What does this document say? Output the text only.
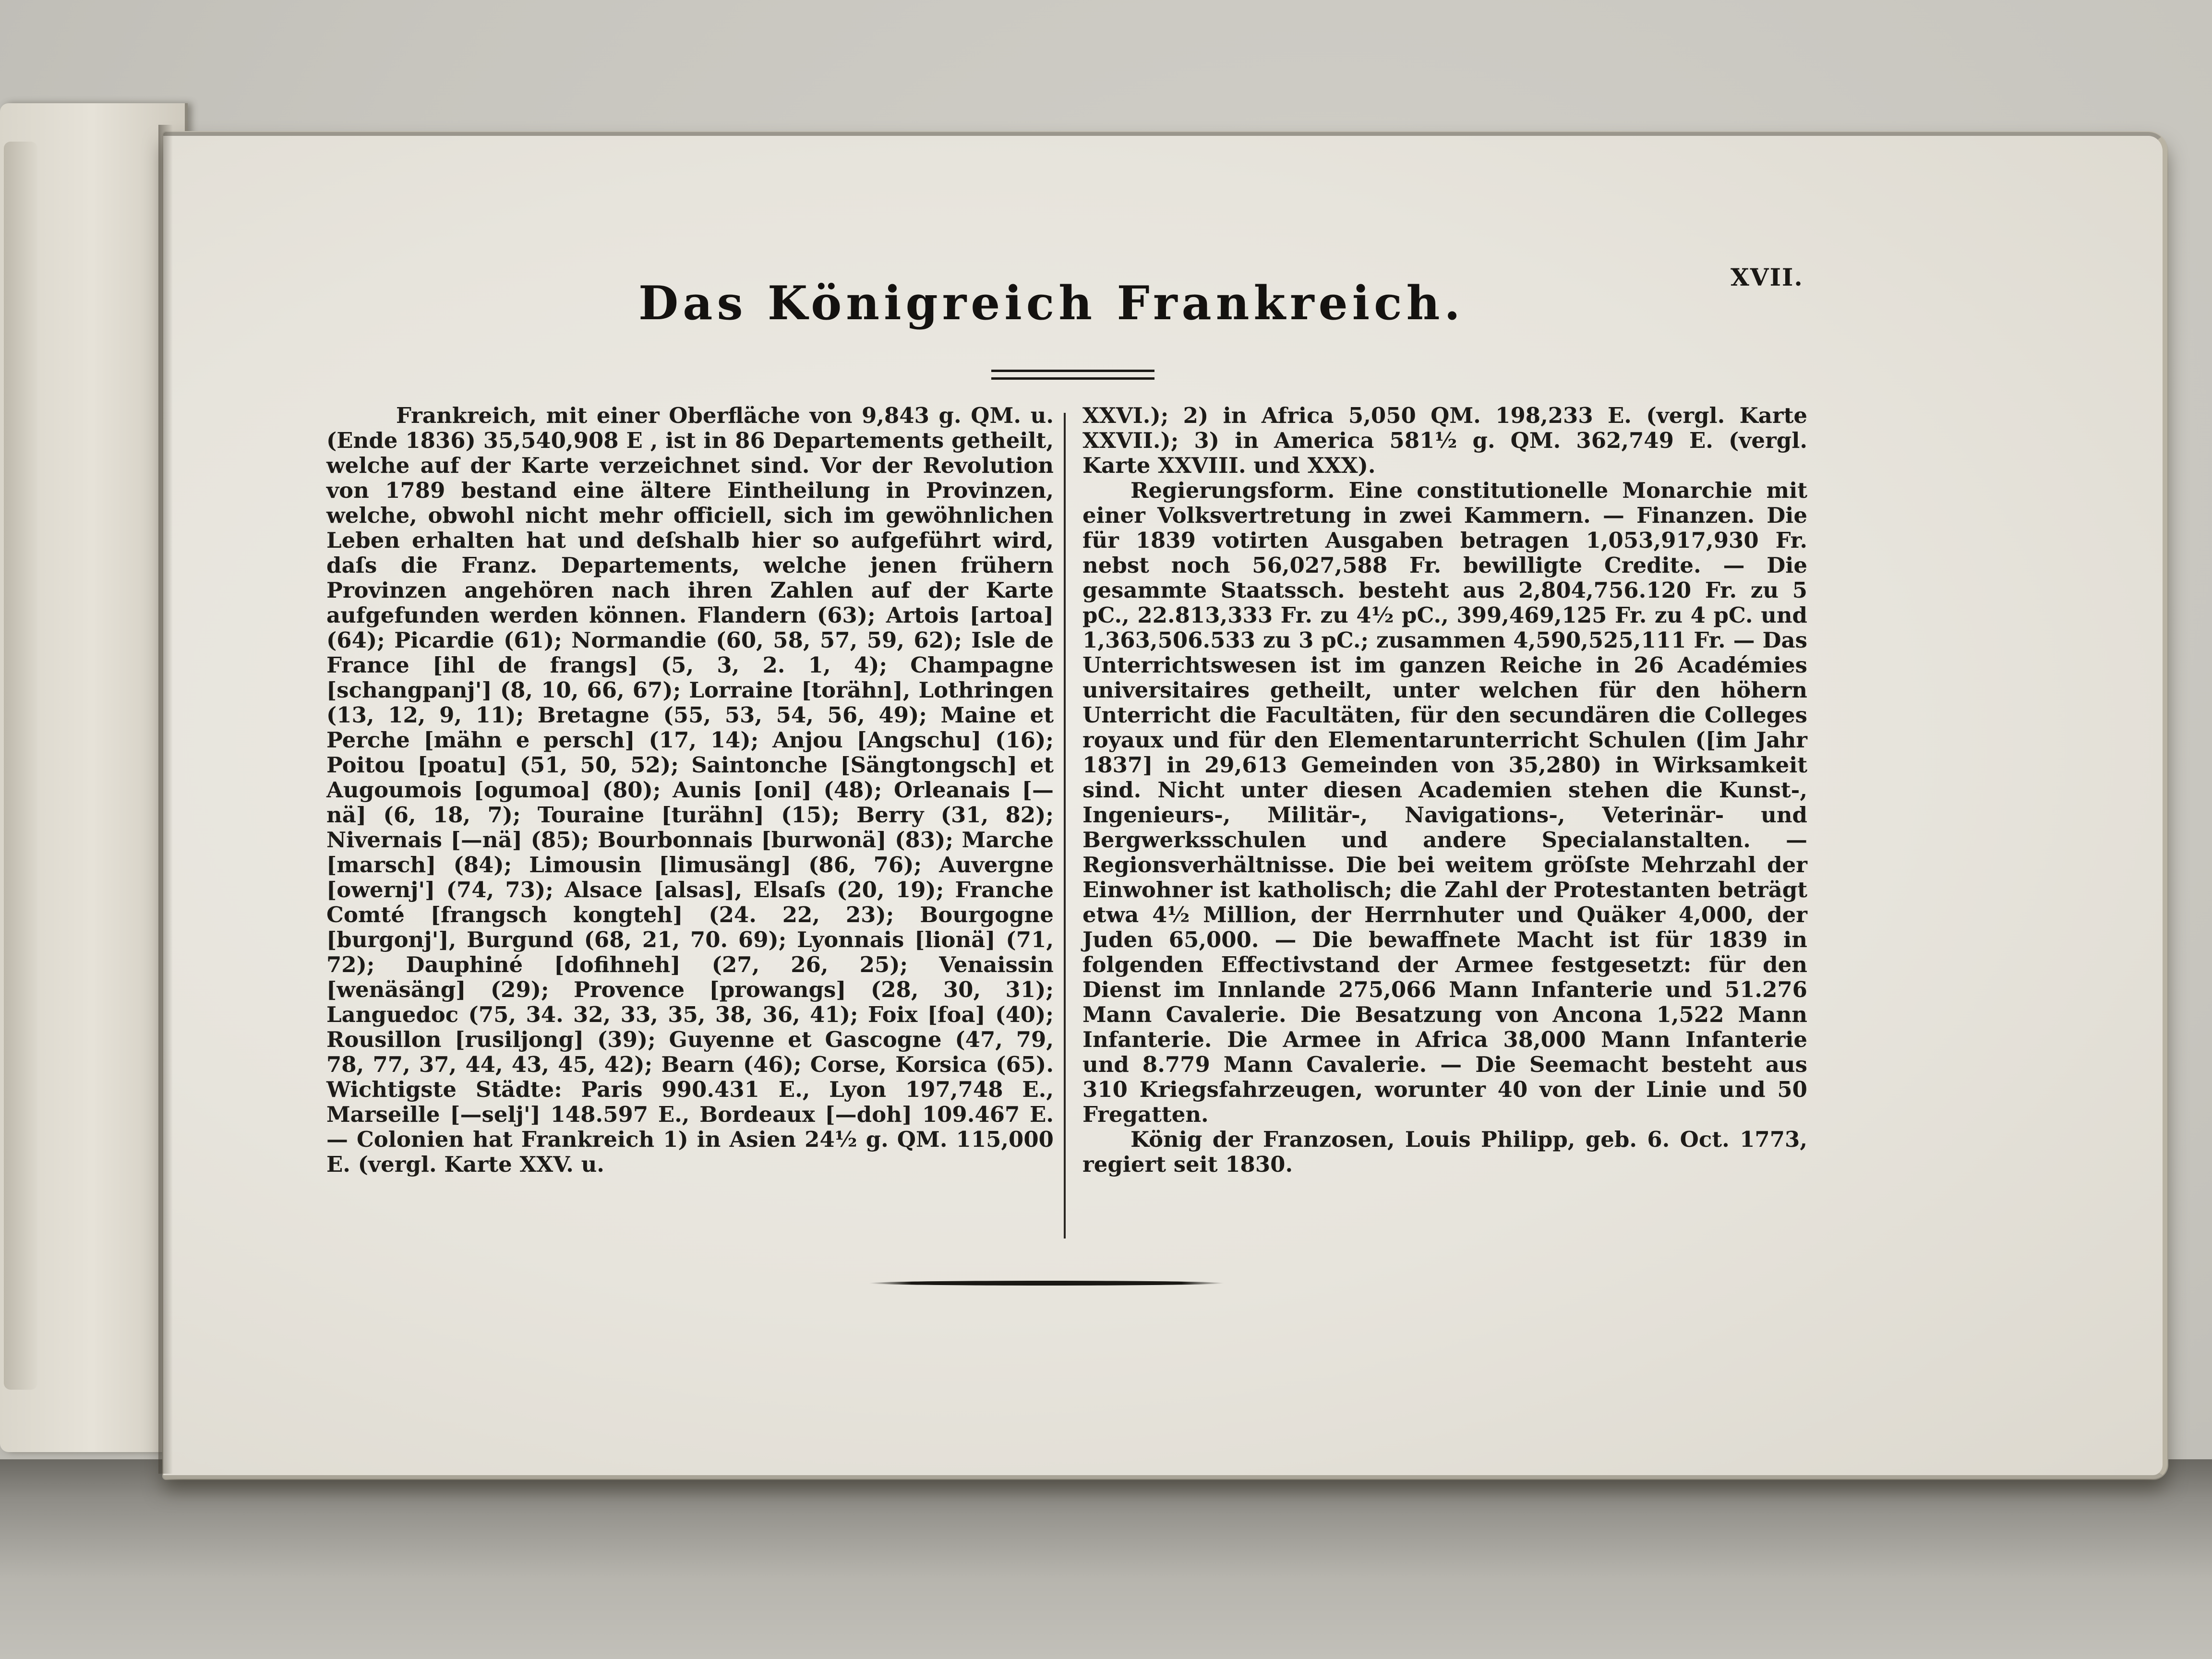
XVII.
Das Königreich Frankreich.

Frankreich, mit einer Oberfläche von 9,843 g. QM. u. (Ende 1836) 35,540,908 E , ist in 86 Departements getheilt, welche auf der Karte verzeichnet sind. Vor der Revolution von 1789 bestand eine ältere Eintheilung in Provinzen, welche, obwohl nicht mehr officiell, sich im gewöhnlichen Leben erhalten hat und deſshalb hier so aufgeführt wird, daſs die Franz. Departements, welche jenen frühern Provinzen angehören nach ihren Zahlen auf der Karte aufgefunden werden können. Flandern (63); Artois [artoa] (64); Picardie (61); Normandie (60, 58, 57, 59, 62); Isle de France [ihl de frangs] (5, 3, 2. 1, 4); Champagne [schangpanj'] (8, 10, 66, 67); Lorraine [torähn], Lothringen (13, 12, 9, 11); Bretagne (55, 53, 54, 56, 49); Maine et Perche [mähn e persch] (17, 14); Anjou [Angschu] (16); Poitou [poatu] (51, 50, 52); Saintonche [Sängtongsch] et Augoumois [ogumoa] (80); Aunis [oni] (48); Orleanais [—nä] (6, 18, 7); Touraine [turähn] (15); Berry (31, 82); Nivernais [—nä] (85); Bourbonnais [burwonä] (83); Marche [marsch] (84); Limousin [limusäng] (86, 76); Auvergne [owernj'] (74, 73); Alsace [alsas], Elsaſs (20, 19); Franche Comté [frangsch kongteh] (24. 22, 23); Bourgogne [burgonj'], Burgund (68, 21, 70. 69); Lyonnais [lionä] (71, 72); Dauphiné [dofihneh] (27, 26, 25); Venaissin [wenäsäng] (29); Provence [prowangs] (28, 30, 31); Languedoc (75, 34. 32, 33, 35, 38, 36, 41); Foix [foa] (40); Rousillon [rusiljong] (39); Guyenne et Gascogne (47, 79, 78, 77, 37, 44, 43, 45, 42); Bearn (46); Corse, Korsica (65). Wichtigste Städte: Paris 990.431 E., Lyon 197,748 E., Marseille [—selj'] 148.597 E., Bordeaux [—doh] 109.467 E. — Colonien hat Frankreich 1) in Asien 24½ g. QM. 115,000 E. (vergl. Karte XXV. u.

XXVI.); 2) in Africa 5,050 QM. 198,233 E. (vergl. Karte XXVII.); 3) in America 581½ g. QM. 362,749 E. (vergl. Karte XXVIII. und XXX).

Regierungsform. Eine constitutionelle Monarchie mit einer Volksvertretung in zwei Kammern. — Finanzen. Die für 1839 votirten Ausgaben betragen 1,053,917,930 Fr. nebst noch 56,027,588 Fr. bewilligte Credite. — Die gesammte Staatssch. besteht aus 2,804,756.120 Fr. zu 5 pC., 22.813,333 Fr. zu 4½ pC., 399,469,125 Fr. zu 4 pC. und 1,363,506.533 zu 3 pC.; zusammen 4,590,525,111 Fr. — Das Unterrichtswesen ist im ganzen Reiche in 26 Académies universitaires getheilt, unter welchen für den höhern Unterricht die Facultäten, für den secundären die Colleges royaux und für den Elementarunterricht Schulen ([im Jahr 1837] in 29,613 Gemeinden von 35,280) in Wirksamkeit sind. Nicht unter diesen Academien stehen die Kunst-, Ingenieurs-, Militär-, Navigations-, Veterinär- und Bergwerksschulen und andere Specialanstalten. — Regionsverhältnisse. Die bei weitem gröſste Mehrzahl der Einwohner ist katholisch; die Zahl der Protestanten beträgt etwa 4½ Million, der Herrnhuter und Quäker 4,000, der Juden 65,000. — Die bewaffnete Macht ist für 1839 in folgenden Effectivstand der Armee festgesetzt: für den Dienst im Innlande 275,066 Mann Infanterie und 51.276 Mann Cavalerie. Die Besatzung von Ancona 1,522 Mann Infanterie. Die Armee in Africa 38,000 Mann Infanterie und 8.779 Mann Cavalerie. — Die Seemacht besteht aus 310 Kriegsfahrzeugen, worunter 40 von der Linie und 50 Fregatten.

König der Franzosen, Louis Philipp, geb. 6. Oct. 1773, regiert seit 1830.
